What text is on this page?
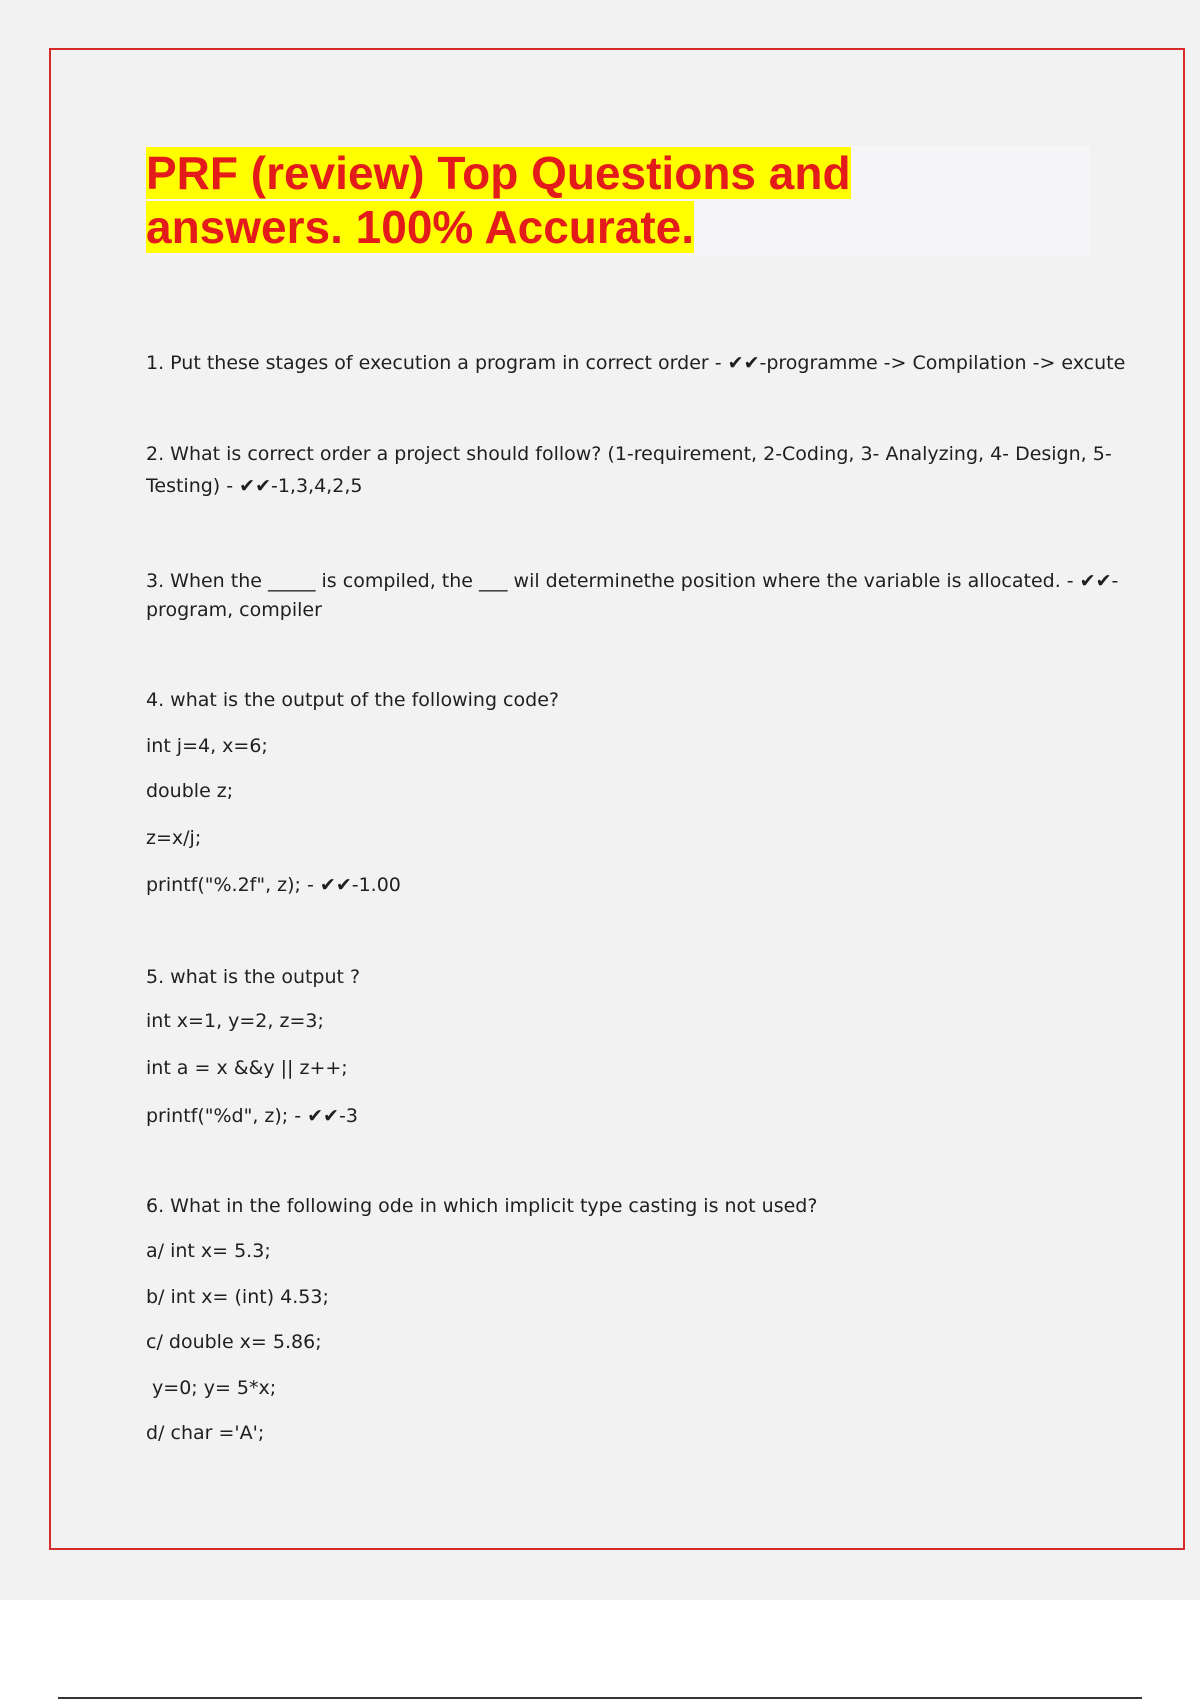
PRF (review) Top Questions and
answers. 100% Accurate.
1. Put these stages of execution a program in correct order - ✔✔-programme -> Compilation -> excute
2. What is correct order a project should follow? (1-requirement, 2-Coding, 3- Analyzing, 4- Design, 5-
Testing) - ✔✔-1,3,4,2,5
3. When the _____ is compiled, the ___ wil determinethe position where the variable is allocated. - ✔✔-
program, compiler
4. what is the output of the following code?
int j=4, x=6;
double z;
z=x/j;
printf("%.2f", z); - ✔✔-1.00
5. what is the output ?
int x=1, y=2, z=3;
int a = x &&y || z++;
printf("%d", z); - ✔✔-3
6. What in the following ode in which implicit type casting is not used?
a/ int x= 5.3;
b/ int x= (int) 4.53;
c/ double x= 5.86;
y=0; y= 5*x;
d/ char ='A';
